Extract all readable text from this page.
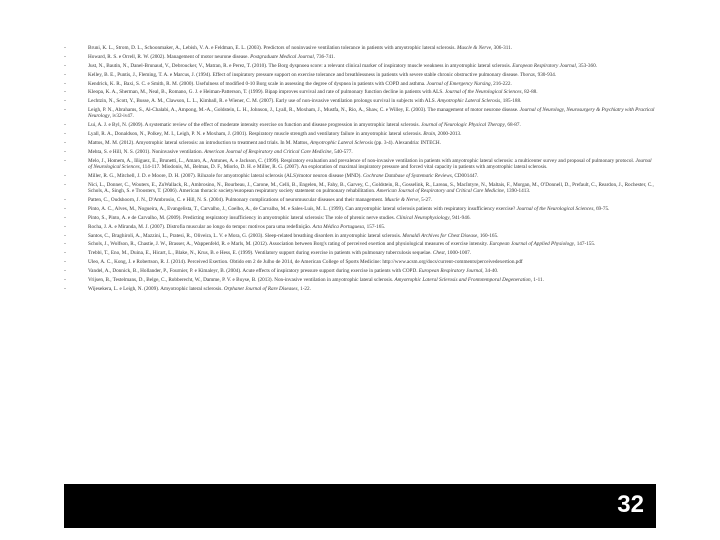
-	Bruni, K. L., Strom, D. L., Schoonmaker, A., Lebish, V. A. e Feldman, E. L. (2003). Predictors of noninvasive ventilation tolerance in patients with amyotrophic lateral sclerosis. Muscle & Nerve, 306-311.
-	Howard, R. S. e Orrell, R. W. (2002). Management of motor neurone disease. Postgraduate Medical Journal, 736-741.
-	Just, N., Bautin, N., Danel-Brunaud, V., Debroucker, V., Matran, R. e Perez, T. (2010). The Borg dyspnoea score: a relevant clinical marker of inspiratory muscle weakness in amyotrophic lateral sclerosis. European Respiratory Journal, 353-360.
-	Kelley, B. E., Puntis, J., Fleming, T. A. e Marcus, J. (1994). Effect of inspiratory pressure support on exercise tolerance and breathlessness in patients with severe stable chronic obstructive pulmonary disease. Thorax, 930-934.
-	Kendrick, K. R., Baxi, S. C. e Smith, R. M. (2000). Usefulness of modified 0-10 Borg scale in assessing the degree of dyspnea in patients with COPD and asthma. Journal of Emergency Nursing, 216-222.
-	Kleopa, K. A., Sherman, M., Neal, B., Romano, G. J. e Heiman-Patterson, T. (1999). Bipap improves survival and rate of pulmonary function decline in patients with ALS. Journal of the Neurological Sciences, 82-88.
-	Lechtzin, N., Scott, Y., Busse, A. M., Clawson, L. L., Kimball, R. e Wiener, C. M. (2007). Early use of non-invasive ventilation prolongs survival in subjects with ALS. Amyotrophic Lateral Sclerosis, 185-188.
-	Leigh, P. N., Abrahams, S., Al-Chalabi, A., Ampong, M.-A., Goldstein, L. H., Johnson, J., Lyall, R., Moxham, J., Mustfa, N., Rio, A., Shaw, C. e Willey, E. (2003). The management of motor neurone disease. Journal of Neurology, Neurosurgery & Psychiatry with Practical Neurology, iv32-iv47.
-	Lui, A. J. e Byl, N. (2009). A systematic review of the effect of moderate intensity exercise on function and disease progression in amyotrophic lateral sclerosis. Journal of Neurologic Physical Therapy, 68-87.
-	Lyall, R. A., Donaldson, N., Polkey, M. I., Leigh, P. N. e Moxham, J. (2001). Respiratory muscle strength and ventilatory failure in amyotrophic lateral sclerosis. Brain, 2000-2013.
-	Mattos, M. M. (2012). Amyotrophic lateral sclerosis: an introduction to treatment and trials. In M. Mattos, Amyotrophic Lateral Sclerosis (pp. 3-4). Alexandria: INTECH.
-	Mehta, S. e Hill, N. S. (2001). Noninvasive ventilation. American Journal of Respiratory and Critical Care Medicine, 540-577.
-	Melo, J., Homem, A., Iñiguez, E., Brunetti, L., Amaro, A., Antunes, A. e Jackson, C. (1999). Respiratory evaluation and prevalence of non-invasive ventilation in patients with amyotrophic lateral sclerosis: a multicenter survey and proposal of pulmonary protocol. Journal of Neurological Sciences, 114-117. Miodonis, M., Belmas, D. F., Miorlo, D. H. e Miller, R. G. (2007). An exploration of maximal inspiratory pressure and forced vital capacity in patients with amyotrophic lateral sclerosis.
-	Miller, R. G., Mitchell, J. D. e Moore, D. H. (2007). Riluzole for amyotrophic lateral sclerosis (ALS)/motor neuron disease (MND). Cochrane Database of Systematic Reviews, CD001447.
-	Nici, L., Donner, C., Wouters, E., ZuWallack, R., Ambrosino, N., Bourbeau, J., Carone, M., Celli, B., Engelen, M., Fahy, B., Garvey, C., Goldstein, R., Gosselink, R., Lareau, S., MacIntyre, N., Maltais, F., Morgan, M., O'Donnell, D., Prefault, C., Reardon, J., Rochester, C., Schols, A., Singh, S. e Troosters, T. (2006). American thoracic society/european respiratory society statement on pulmonary rehabilitation. American Journal of Respiratory and Critical Care Medicine, 1390-1413.
-	Patten, C., Oudshoorn, J. N., D'Ambrosio, C. e Hill, N. S. (2004). Pulmonary complications of neuromuscular diseases and their management. Muscle & Nerve, 5-27.
-	Pinto, A. C., Alves, M., Nogueira, A., Evangelista, T., Carvalho, J., Coelho, A., de Carvalho, M. e Sales-Luís, M. L. (1999). Can amyotrophic lateral sclerosis patients with respiratory insufficiency exercise? Journal of the Neurological Sciences, 69-75.
-	Pinto, S., Pinto, A. e de Carvalho, M. (2009). Predicting respiratory insufficiency in amyotrophic lateral sclerosis: The role of phrenic nerve studies. Clinical Neurophysiology, 941-946.
-	Rocha, J. A. e Miranda, M. J. (2007). Distrofia muscular ao longo do tempo: motivos para uma redefinição. Acta Médica Portuguesa, 157-165.
-	Santos, C., Braghiroli, A., Mazzini, L., Pratesi, R., Oliveira, L. V. e Mora, G. (2003). Sleep-related breathing disorders in amyotrophic lateral sclerosis. Monaldi Archives for Chest Disease, 160-165.
-	Schols, J., Wolfson, R., Chastie, J. W., Brasser, A., Wappenfeld, R. e Marls, M. (2012). Association between Borg's rating of perceived exertion and physiological measures of exercise intensity. European Journal of Applied Physiology, 147-155.
-	Trebbi, T., Eno, M., Duina, E., Hicart, L., Blake, N., Krus, B. e Hess, E. (1999). Ventilatory support during exercise in patients with pulmonary tuberculosis sequelae. Chest, 1000-1007.
-	Uleo, A. C., Kong, J. e Robertson, R. J. (2014). Perceived Exertion. Obtido em 2 de Julho de 2014, de American College of Sports Medicine: http://www.acsm.org/docs/current-comments/perceivedexertion.pdf
-	Vandel, A., Donnick, B., Hollander, P., Fournier, P. e Kimaleyr, B. (2004). Acute effects of inspiratory pressure support during exercise in patients with COPD. European Respiratory Journal, 34-40.
-	Vrijsen, B., Testelmans, D., Belge, C., Robberecht, W., Damme, P. V. e Buyse, B. (2013). Non-invasive ventilation in amyotrophic lateral sclerosis. Amyotrophic Lateral Sclerosis and Frontotemporal Degeneration, 1-11.
-	Wijesekera, L. e Leigh, N. (2009). Amyotrophic lateral sclerosis. Orphanet Journal of Rare Diseases, 1-22.
32
